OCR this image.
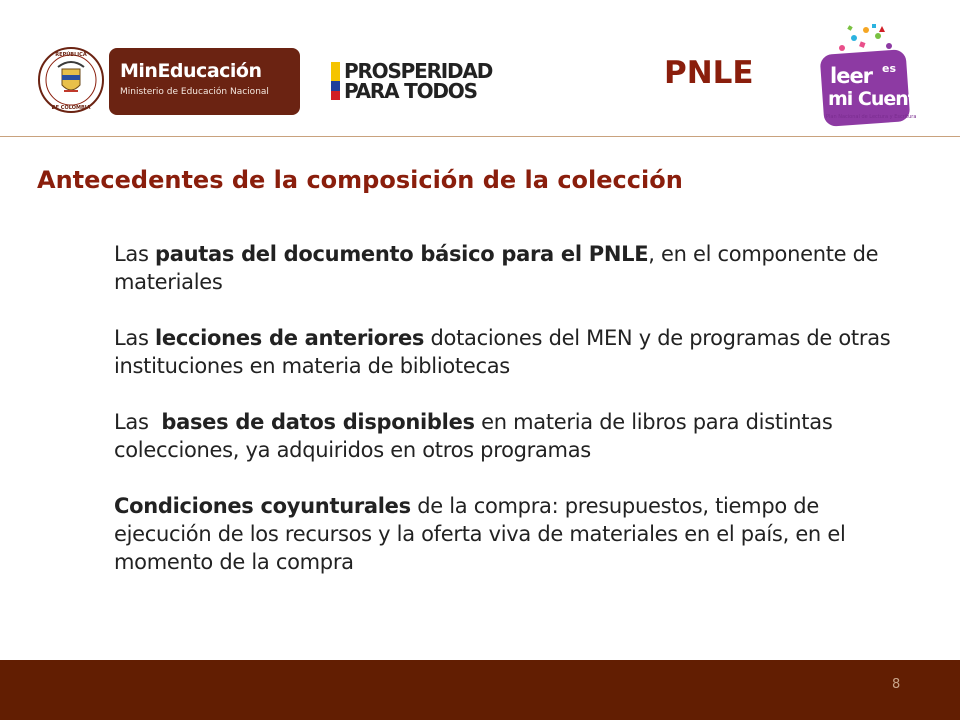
REPÚBLICA
DE COLOMBIA
MinEducación
Ministerio de Educación Nacional
PROSPERIDAD
PARA TODOS	PNLE	leer es
mi Cuento
Plan Nacional de Lectura y Escritura
Antecedentes de la composición de la colección

Las pautas del documento básico para el PNLE, en el componente de materiales

Las lecciones de anteriores dotaciones del MEN y de programas de otras instituciones en materia de bibliotecas

Las  bases de datos disponibles en materia de libros para distintas colecciones, ya adquiridos en otros programas

Condiciones coyunturales de la compra: presupuestos, tiempo de ejecución de los recursos y la oferta viva de materiales en el país, en el momento de la compra

8
